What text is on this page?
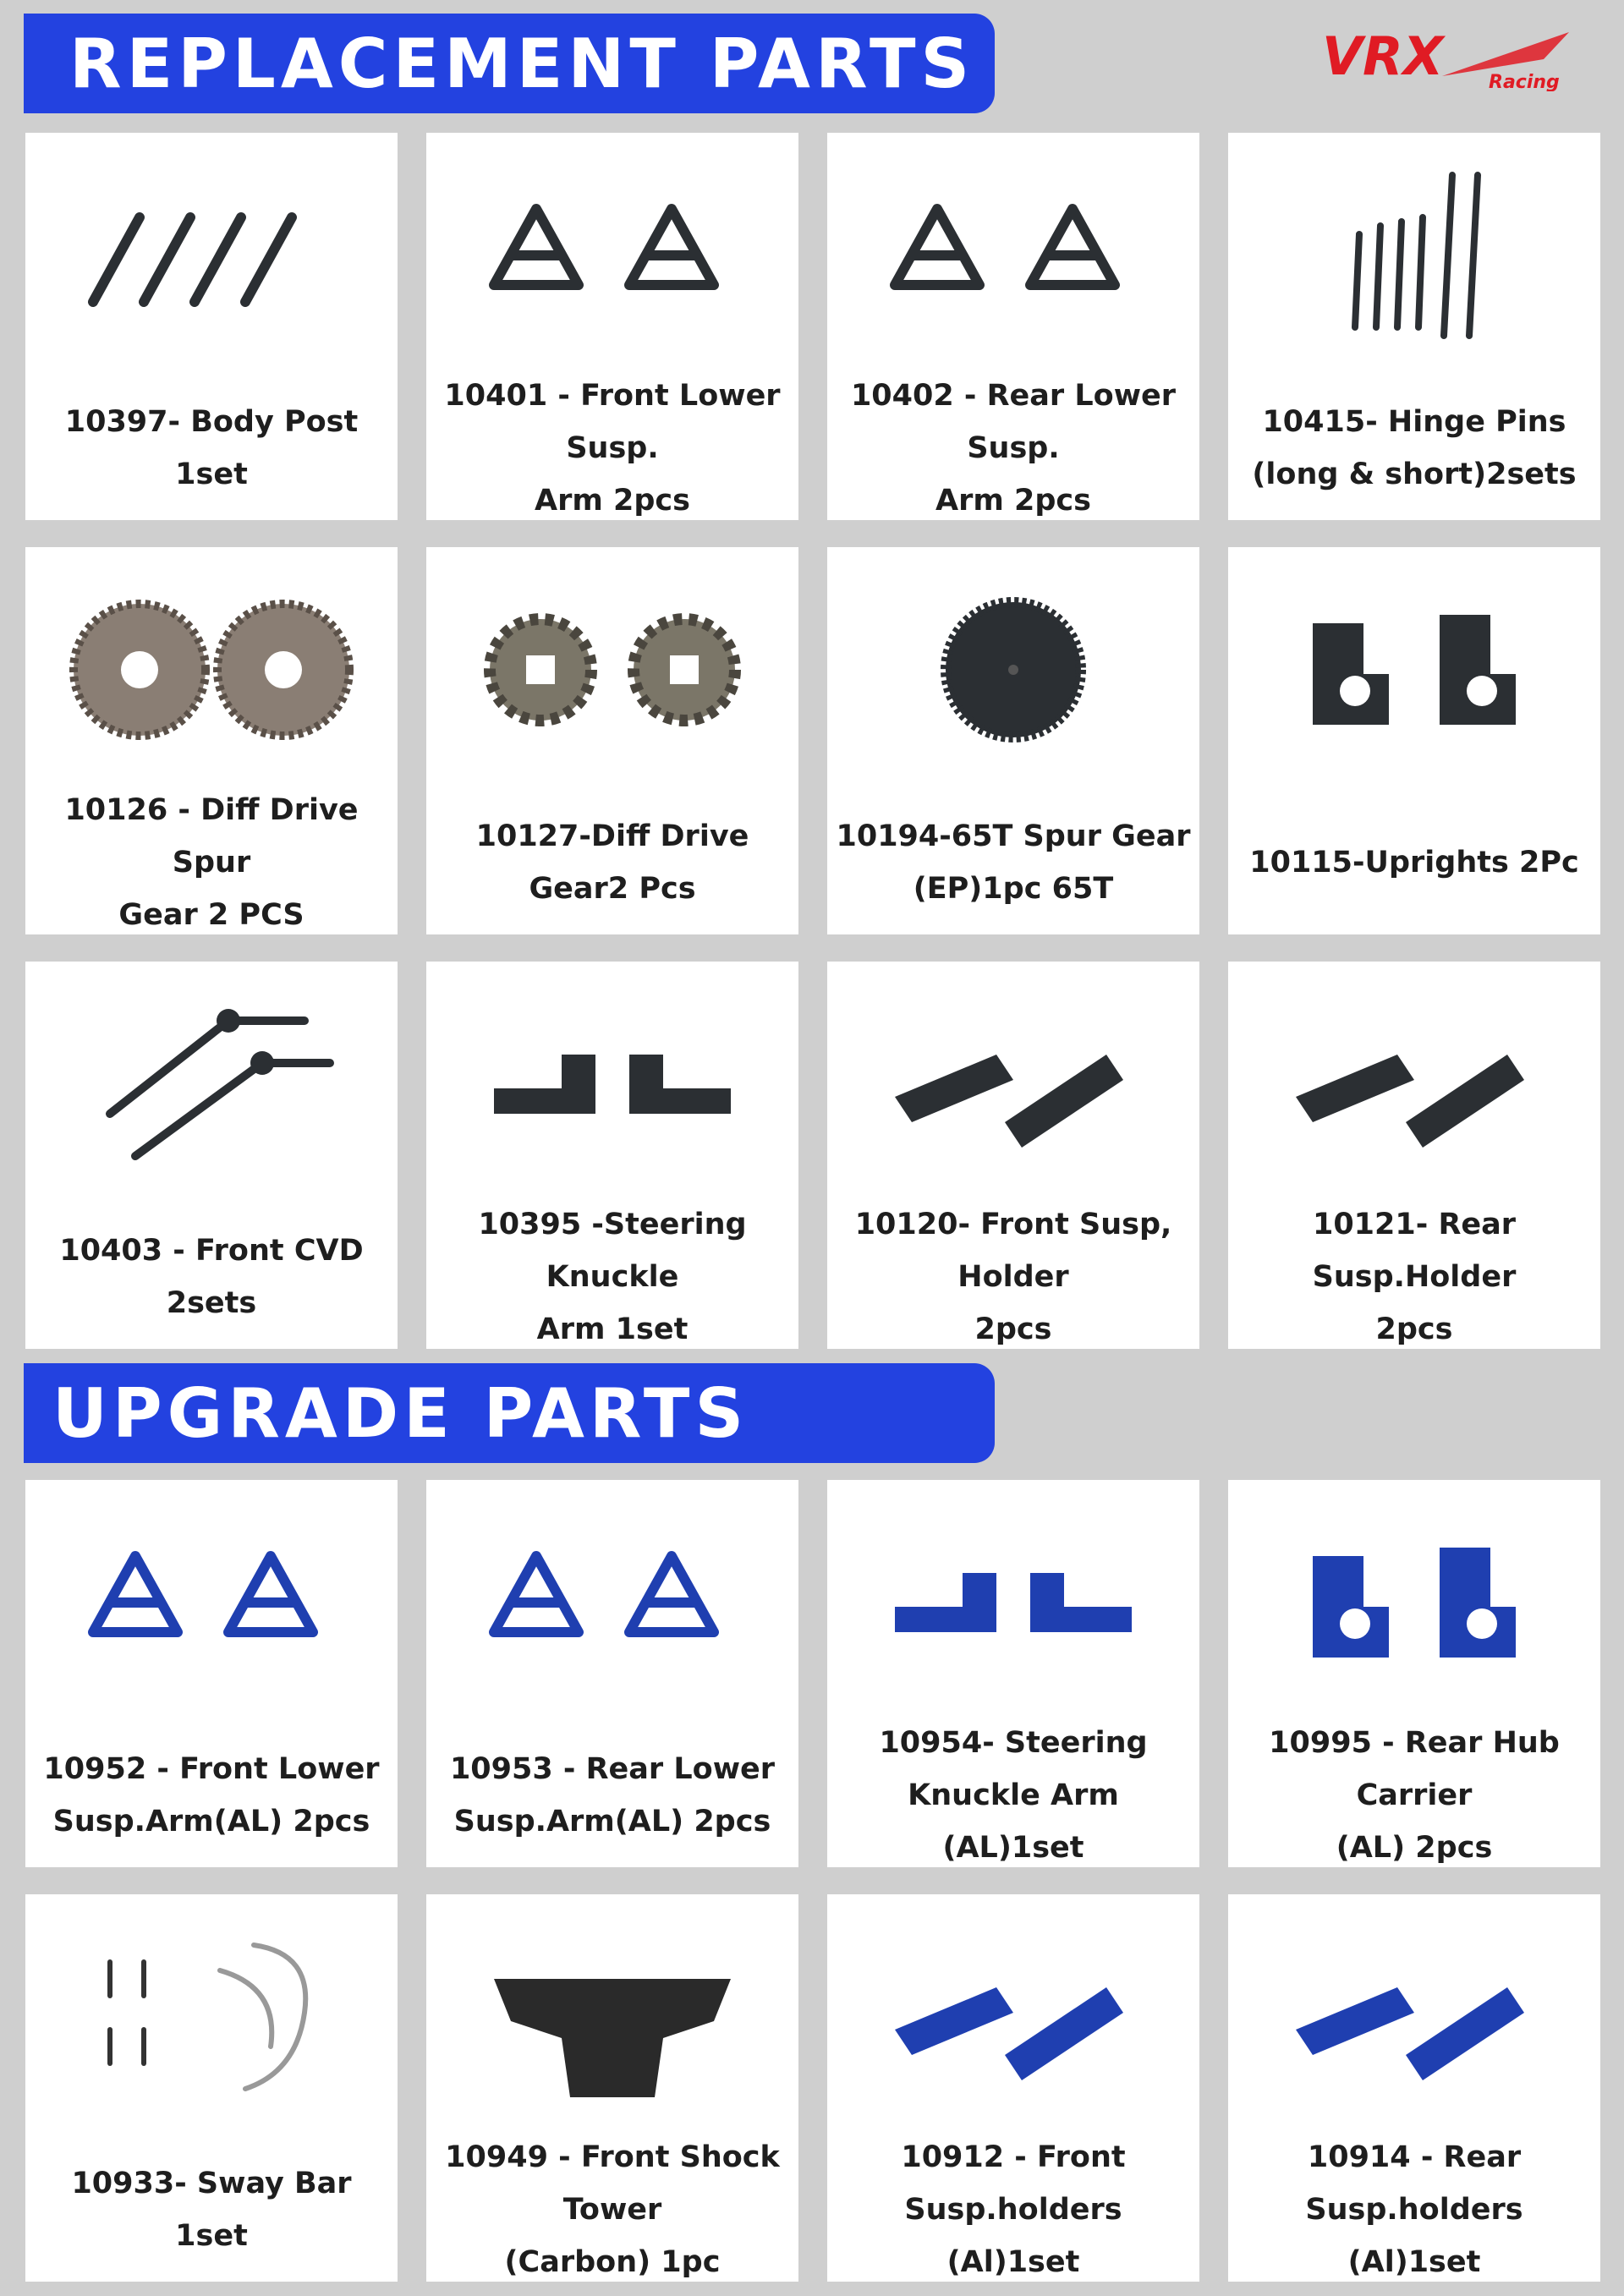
REPLACEMENT PARTS	VRX Racing
10397- Body Post 1set
10401 - Front Lower Susp.
Arm 2pcs
10402 - Rear Lower Susp.
Arm 2pcs
10415- Hinge Pins
(long & short)2sets
10126 - Diff Drive Spur
Gear 2 PCS
10127-Diff Drive Gear2 Pcs
10194-65T Spur Gear
(EP)1pc 65T
10115-Uprights 2Pc
10403 - Front CVD 2sets
10395 -Steering Knuckle
Arm 1set
10120- Front Susp, Holder
2pcs
10121- Rear Susp.Holder
2pcs
UPGRADE PARTS
10952 - Front Lower
Susp.Arm(AL) 2pcs
10953 - Rear Lower
Susp.Arm(AL) 2pcs
10954- Steering
Knuckle Arm (AL)1set
10995 - Rear Hub Carrier
(AL) 2pcs
10933- Sway Bar 1set
10949 - Front Shock Tower
(Carbon) 1pc
10912 - Front Susp.holders
(Al)1set
10914 - Rear Susp.holders
(Al)1set
